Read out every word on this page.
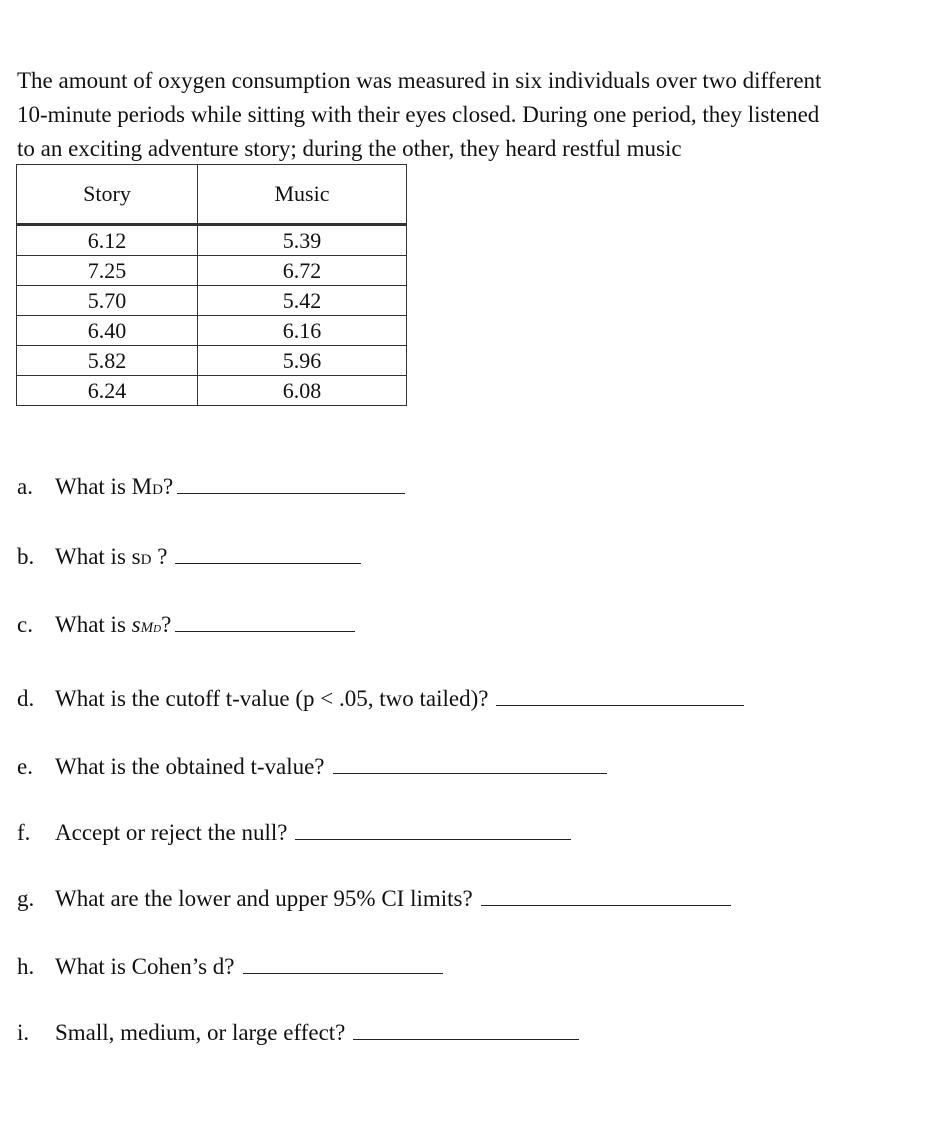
The amount of oxygen consumption was measured in six individuals over two different
10-minute periods while sitting with their eyes closed. During one period, they listened
to an exciting adventure story; during the other, they heard restful music
Story	Music

6.12	5.39
7.25	6.72
5.70	5.42
6.40	6.16
5.82	5.96
6.24	6.08
a. What is M D ?
b. What is s D ?
c. What is s M D ?
d. What is the cutoff t-value (p < .05, two tailed)?
e. What is the obtained t-value?
f.	Accept or reject the null?
g. What are the lower and upper 95% CI limits?
h. What is Cohen’s d?
i.	Small, medium, or large effect?
